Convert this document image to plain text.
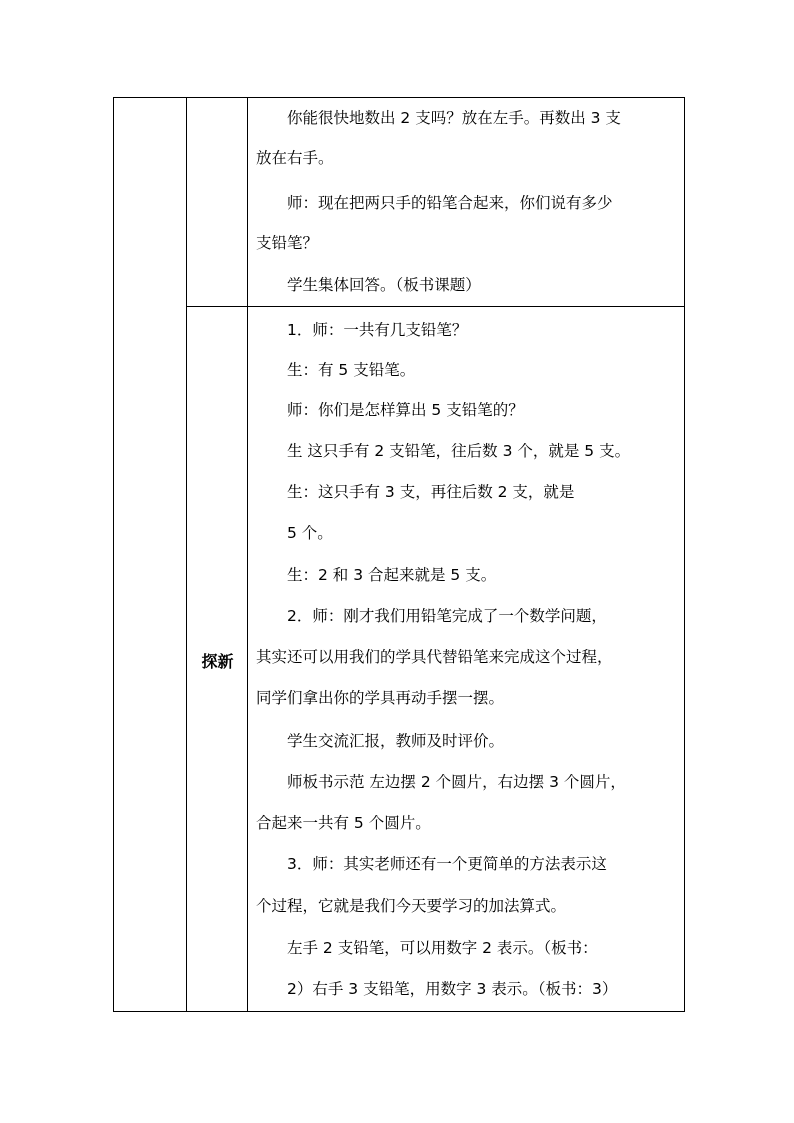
　　你能很快地数出 2 支吗？放在左手。再数出 3 支
放在右手。
　　师：现在把两只手的铅笔合起来，你们说有多少
支铅笔？
　　学生集体回答。（板书课题）
探新
　　1．师：一共有几支铅笔？
　　生：有 5 支铅笔。
　　师：你们是怎样算出 5 支铅笔的？
　　生 这只手有 2 支铅笔，往后数 3 个，就是 5 支。
　　生：这只手有 3 支，再往后数 2 支，就是
　　5 个。
　　生：2 和 3 合起来就是 5 支。
　　2．师：刚才我们用铅笔完成了一个数学问题，
其实还可以用我们的学具代替铅笔来完成这个过程，
同学们拿出你的学具再动手摆一摆。
　　学生交流汇报，教师及时评价。
　　师板书示范 左边摆 2 个圆片，右边摆 3 个圆片，
合起来一共有 5 个圆片。
　　3．师：其实老师还有一个更简单的方法表示这
个过程，它就是我们今天要学习的加法算式。
　　左手 2 支铅笔，可以用数字 2 表示。（板书：
　　2）右手 3 支铅笔，用数字 3 表示。（板书：3）
